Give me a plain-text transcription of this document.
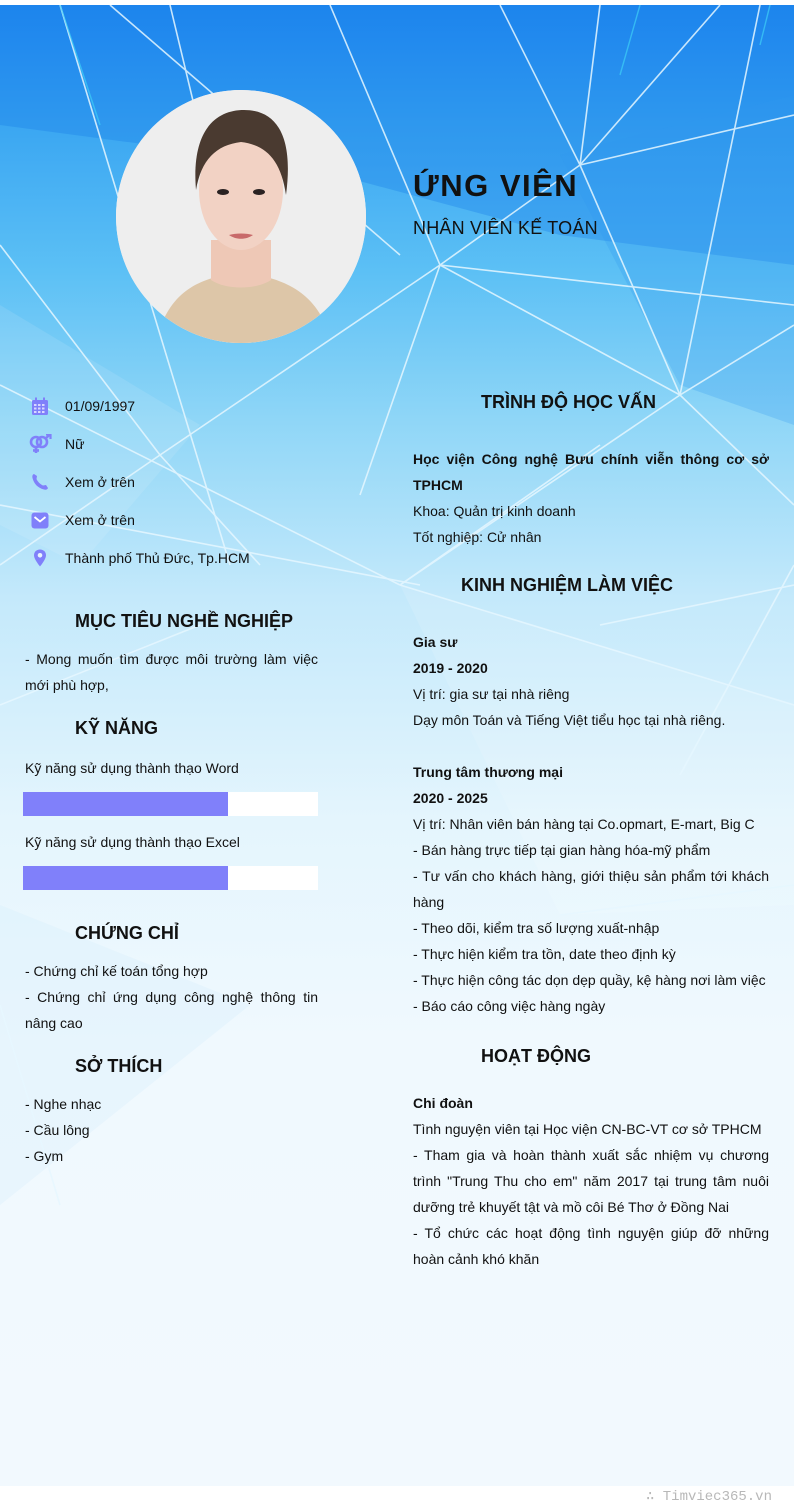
ỨNG VIÊN
NHÂN VIÊN KẾ TOÁN
01/09/1997
Nữ
Xem ở trên
Xem ở trên
Thành phố Thủ Đức, Tp.HCM
MỤC TIÊU NGHỀ NGHIỆP
- Mong muốn tìm được môi trường làm việc mới phù hợp,
KỸ NĂNG
Kỹ năng sử dụng thành thạo Word
Kỹ năng sử dụng thành thạo Excel
CHỨNG CHỈ
- Chứng chỉ kế toán tổng hợp
- Chứng chỉ ứng dụng công nghệ thông tin nâng cao
SỞ THÍCH
- Nghe nhạc
- Cầu lông
- Gym
TRÌNH ĐỘ HỌC VẤN
Học viện Công nghệ Bưu chính viễn thông cơ sở TPHCM
Khoa: Quản trị kinh doanh
Tốt nghiệp: Cử nhân
KINH NGHIỆM LÀM VIỆC
Gia sư
2019 - 2020
Vị trí: gia sư tại nhà riêng
Dạy môn Toán và Tiếng Việt tiểu học tại nhà riêng.
Trung tâm thương mại
2020 - 2025
Vị trí: Nhân viên bán hàng tại Co.opmart, E-mart, Big C
- Bán hàng trực tiếp tại gian hàng hóa-mỹ phẩm
- Tư vấn cho khách hàng, giới thiệu sản phẩm tới khách hàng
- Theo dõi, kiểm tra số lượng xuất-nhập
- Thực hiện kiểm tra tồn, date theo định kỳ
- Thực hiện công tác dọn dẹp quầy, kệ hàng nơi làm việc
- Báo cáo công việc hàng ngày
HOẠT ĐỘNG
Chi đoàn
Tình nguyện viên tại Học viện CN-BC-VT cơ sở TPHCM
- Tham gia và hoàn thành xuất sắc nhiệm vụ chương trình "Trung Thu cho em" năm 2017 tại trung tâm nuôi dưỡng trẻ khuyết tật và mồ côi Bé Thơ ở Đồng Nai
- Tổ chức các hoạt động tình nguyện giúp đỡ những hoàn cảnh khó khăn
∴ Timviec365.vn
